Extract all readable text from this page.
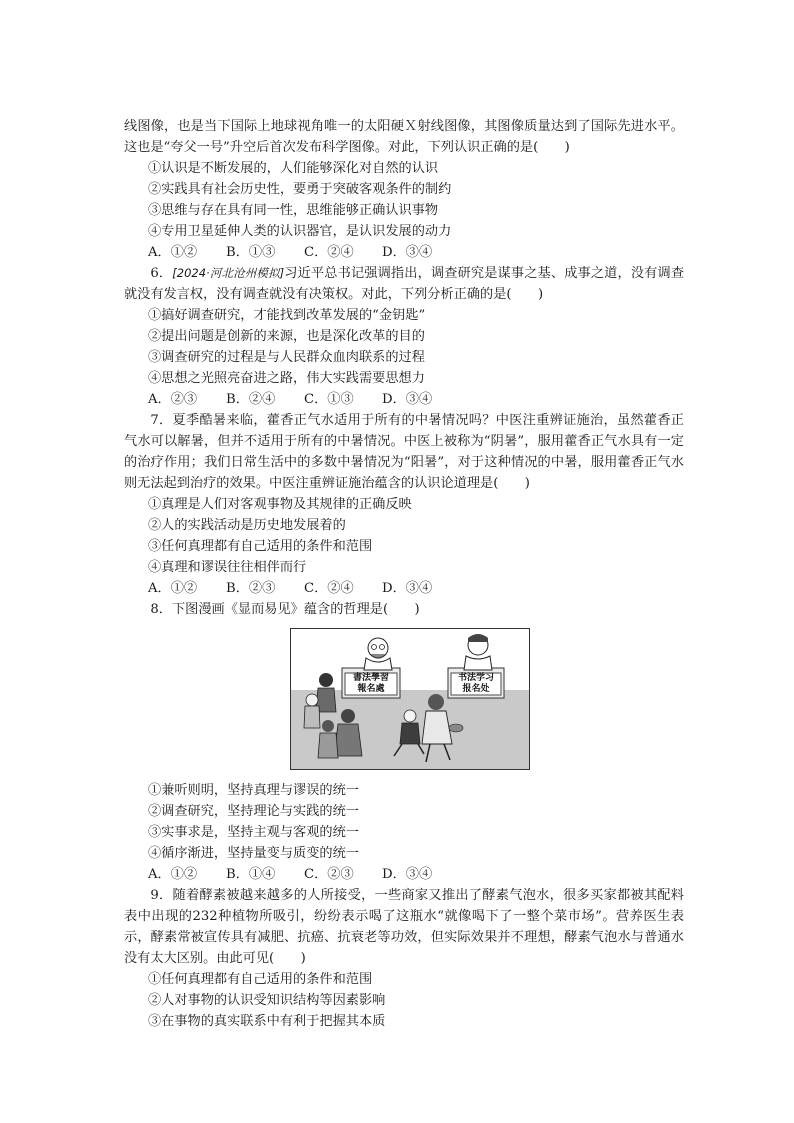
线图像，也是当下国际上地球视角唯一的太阳硬Ｘ射线图像，其图像质量达到了国际先进水平。这也是“夸父一号”升空后首次发布科学图像。对此，下列认识正确的是(　　)

①认识是不断发展的，人们能够深化对自然的认识

②实践具有社会历史性，要勇于突破客观条件的制约

③思维与存在具有同一性，思维能够正确认识事物

④专用卫星延伸人类的认识器官，是认识发展的动力

A．①②	B．①③	C．②④	D．③④

6．[2024·河北沧州模拟]习近平总书记强调指出，调查研究是谋事之基、成事之道，没有调查就没有发言权，没有调查就没有决策权。对此，下列分析正确的是(　　)

①搞好调查研究，才能找到改革发展的“金钥匙”

②提出问题是创新的来源，也是深化改革的目的

③调查研究的过程是与人民群众血肉联系的过程

④思想之光照亮奋进之路，伟大实践需要思想力

A．②③	B．②④	C．①③	D．③④

7．夏季酷暑来临，藿香正气水适用于所有的中暑情况吗？中医注重辨证施治，虽然藿香正气水可以解暑，但并不适用于所有的中暑情况。中医上被称为“阴暑”，服用藿香正气水具有一定的治疗作用；我们日常生活中的多数中暑情况为“阳暑”，对于这种情况的中暑，服用藿香正气水则无法起到治疗的效果。中医注重辨证施治蕴含的认识论道理是(　　)

①真理是人们对客观事物及其规律的正确反映

②人的实践活动是历史地发展着的

③任何真理都有自己适用的条件和范围

④真理和谬误往往相伴而行

A．①②	B．②③	C．②④	D．③④

8．下图漫画《显而易见》蕴含的哲理是(　　)

書法學習報名處
书法学习报名处

①兼听则明，坚持真理与谬误的统一

②调查研究，坚持理论与实践的统一

③实事求是，坚持主观与客观的统一

④循序渐进，坚持量变与质变的统一

A．①②	B．①④	C．②③	D．③④

9．随着酵素被越来越多的人所接受，一些商家又推出了酵素气泡水，很多买家都被其配料表中出现的232种植物所吸引，纷纷表示喝了这瓶水“就像喝下了一整个菜市场”。营养医生表示，酵素常被宣传具有减肥、抗癌、抗衰老等功效，但实际效果并不理想，酵素气泡水与普通水没有太大区别。由此可见(　　)

①任何真理都有自己适用的条件和范围

②人对事物的认识受知识结构等因素影响

③在事物的真实联系中有利于把握其本质
